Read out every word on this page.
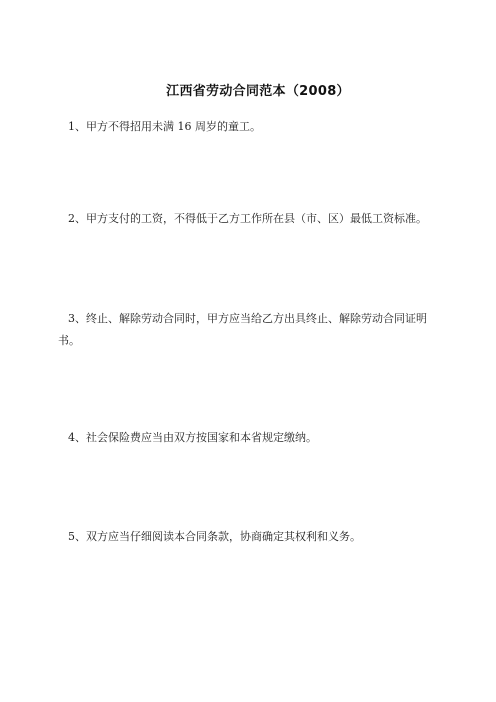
江西省劳动合同范本（2008）
1、甲方不得招用未满 16 周岁的童工。
2、甲方支付的工资，不得低于乙方工作所在县（市、区）最低工资标准。
3、终止、解除劳动合同时，甲方应当给乙方出具终止、解除劳动合同证明
书。
4、社会保险费应当由双方按国家和本省规定缴纳。
5、双方应当仔细阅读本合同条款，协商确定其权利和义务。
